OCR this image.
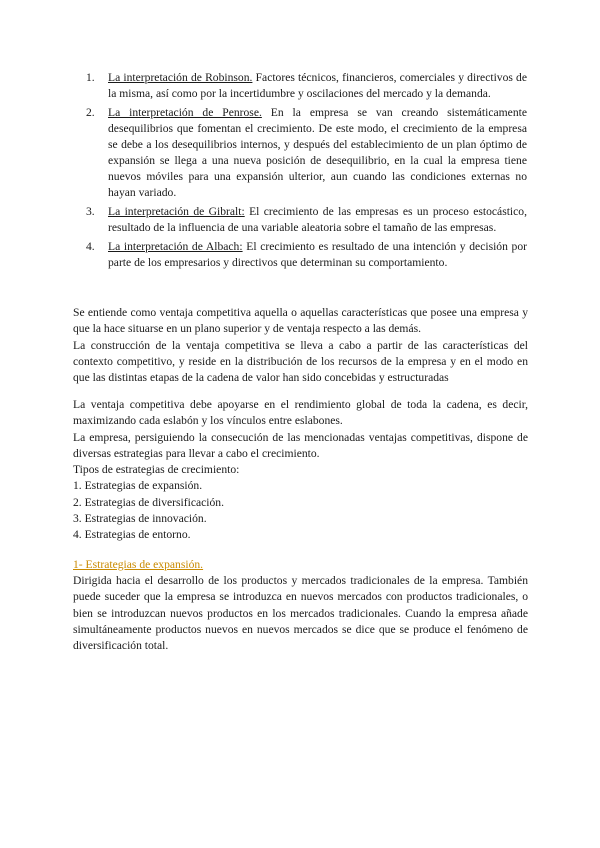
1. La interpretación de Robinson. Factores técnicos, financieros, comerciales y directivos de la misma, así como por la incertidumbre y oscilaciones del mercado y la demanda.
2. La interpretación de Penrose. En la empresa se van creando sistemáticamente desequilibrios que fomentan el crecimiento. De este modo, el crecimiento de la empresa se debe a los desequilibrios internos, y después del establecimiento de un plan óptimo de expansión se llega a una nueva posición de desequilibrio, en la cual la empresa tiene nuevos móviles para una expansión ulterior, aun cuando las condiciones externas no hayan variado.
3. La interpretación de Gibralt: El crecimiento de las empresas es un proceso estocástico, resultado de la influencia de una variable aleatoria sobre el tamaño de las empresas.
4. La interpretación de Albach: El crecimiento es resultado de una intención y decisión por parte de los empresarios y directivos que determinan su comportamiento.

Se entiende como ventaja competitiva aquella o aquellas características que posee una empresa y que la hace situarse en un plano superior y de ventaja respecto a las demás.

La construcción de la ventaja competitiva se lleva a cabo a partir de las características del contexto competitivo, y reside en la distribución de los recursos de la empresa y en el modo en que las distintas etapas de la cadena de valor han sido concebidas y estructuradas

La ventaja competitiva debe apoyarse en el rendimiento global de toda la cadena, es decir, maximizando cada eslabón y los vínculos entre eslabones.

La empresa, persiguiendo la consecución de las mencionadas ventajas competitivas, dispone de diversas estrategias para llevar a cabo el crecimiento.

Tipos de estrategias de crecimiento:

1. Estrategias de expansión.

2. Estrategias de diversificación.

3. Estrategias de innovación.

4. Estrategias de entorno.

1- Estrategias de expansión.

Dirigida hacia el desarrollo de los productos y mercados tradicionales de la empresa. También puede suceder que la empresa se introduzca en nuevos mercados con productos tradicionales, o bien se introduzcan nuevos productos en los mercados tradicionales. Cuando la empresa añade simultáneamente productos nuevos en nuevos mercados se dice que se produce el fenómeno de diversificación total.
